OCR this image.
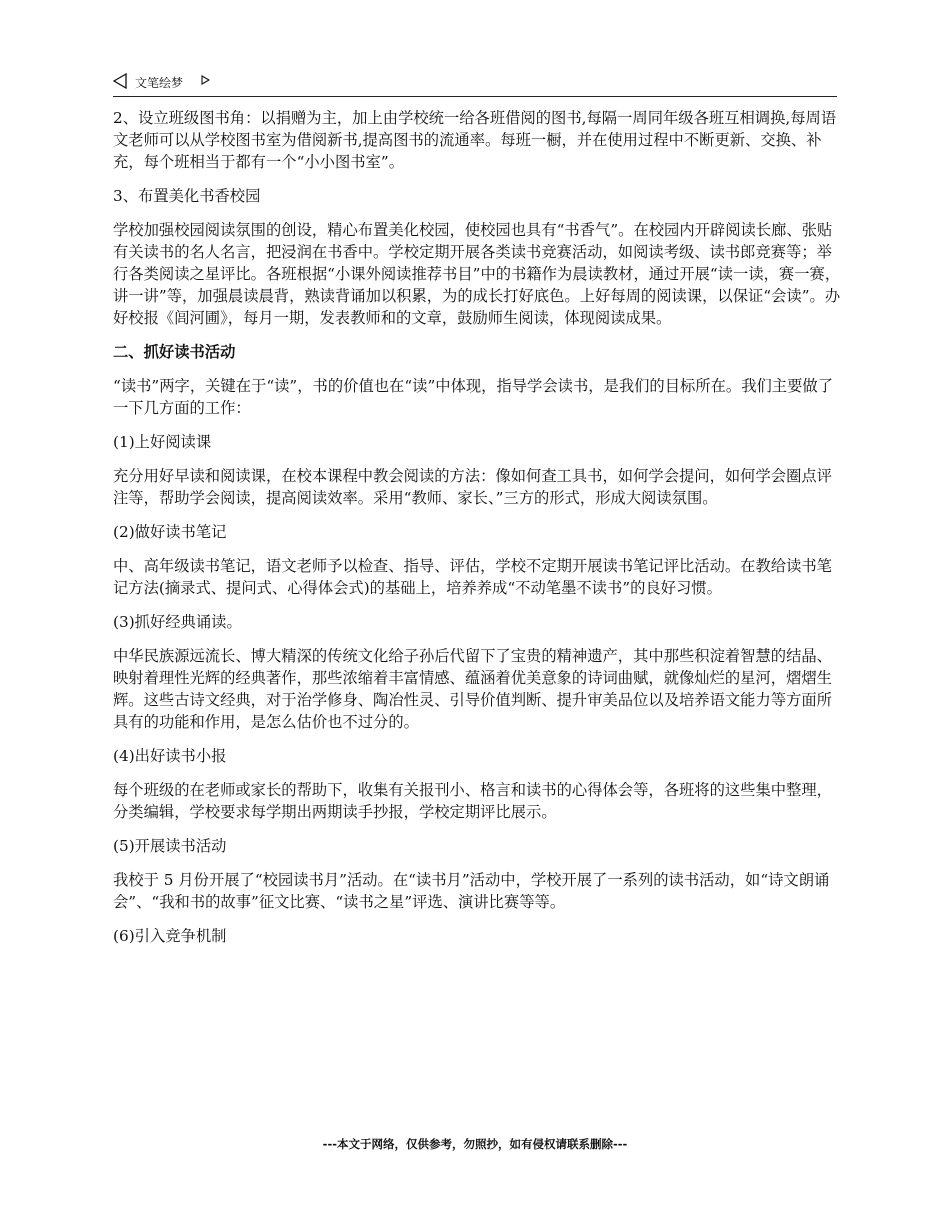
文笔绘梦

2、设立班级图书角：以捐赠为主，加上由学校统一给各班借阅的图书,每隔一周同年级各班互相调换,每周语文老师可以从学校图书室为借阅新书,提高图书的流通率。每班一橱，并在使用过程中不断更新、交换、补充，每个班相当于都有一个“小小图书室”。

3、布置美化书香校园

学校加强校园阅读氛围的创设，精心布置美化校园，使校园也具有“书香气”。在校园内开辟阅读长廊、张贴有关读书的名人名言，把浸润在书香中。学校定期开展各类读书竞赛活动，如阅读考级、读书郎竞赛等；举行各类阅读之星评比。各班根据“小课外阅读推荐书目”中的书籍作为晨读教材，通过开展“读一读，赛一赛，讲一讲”等，加强晨读晨背，熟读背诵加以积累，为的成长打好底色。上好每周的阅读课，以保证“会读”。办好校报《闾河圃》，每月一期，发表教师和的文章，鼓励师生阅读，体现阅读成果。

二、抓好读书活动

“读书”两字，关键在于“读”，书的价值也在“读”中体现，指导学会读书，是我们的目标所在。我们主要做了一下几方面的工作：

(1)上好阅读课

充分用好早读和阅读课，在校本课程中教会阅读的方法：像如何查工具书，如何学会提问，如何学会圈点评注等，帮助学会阅读，提高阅读效率。采用“教师、家长、”三方的形式，形成大阅读氛围。

(2)做好读书笔记

中、高年级读书笔记，语文老师予以检查、指导、评估，学校不定期开展读书笔记评比活动。在教给读书笔记方法(摘录式、提问式、心得体会式)的基础上，培养养成“不动笔墨不读书”的良好习惯。

(3)抓好经典诵读。

中华民族源远流长、博大精深的传统文化给子孙后代留下了宝贵的精神遗产，其中那些积淀着智慧的结晶、映射着理性光辉的经典著作，那些浓缩着丰富情感、蕴涵着优美意象的诗词曲赋，就像灿烂的星河，熠熠生辉。这些古诗文经典，对于治学修身、陶冶性灵、引导价值判断、提升审美品位以及培养语文能力等方面所具有的功能和作用，是怎么估价也不过分的。

(4)出好读书小报

每个班级的在老师或家长的帮助下，收集有关报刊小、格言和读书的心得体会等，各班将的这些集中整理，分类编辑，学校要求每学期出两期读手抄报，学校定期评比展示。

(5)开展读书活动

我校于 5 月份开展了“校园读书月”活动。在“读书月”活动中，学校开展了一系列的读书活动，如“诗文朗诵会”、“我和书的故事”征文比赛、“读书之星”评选、演讲比赛等等。

(6)引入竞争机制

---本文于网络，仅供参考，勿照抄，如有侵权请联系删除---
